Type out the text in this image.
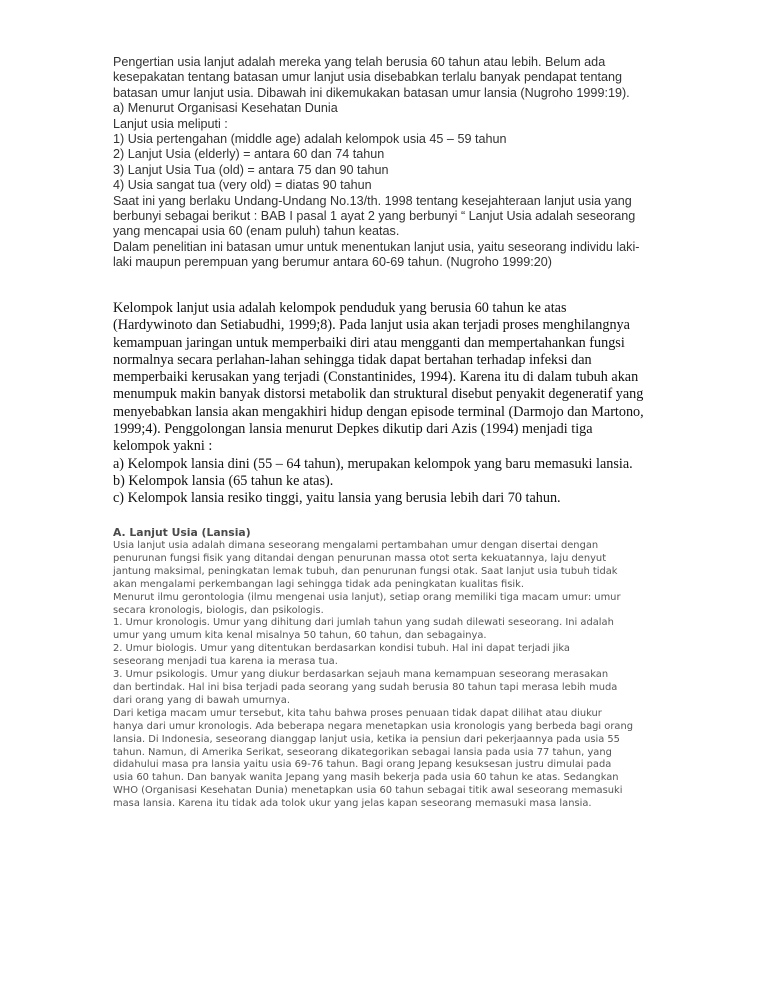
Pengertian usia lanjut adalah mereka yang telah berusia 60 tahun atau lebih. Belum ada
kesepakatan tentang batasan umur lanjut usia disebabkan terlalu banyak pendapat tentang
batasan umur lanjut usia. Dibawah ini dikemukakan batasan umur lansia (Nugroho 1999:19).
a) Menurut Organisasi Kesehatan Dunia
Lanjut usia meliputi :
1) Usia pertengahan (middle age) adalah kelompok usia 45 – 59 tahun
2) Lanjut Usia (elderly) = antara 60 dan 74 tahun
3) Lanjut Usia Tua (old) = antara 75 dan 90 tahun
4) Usia sangat tua (very old) = diatas 90 tahun
Saat ini yang berlaku Undang-Undang No.13/th. 1998 tentang kesejahteraan lanjut usia yang
berbunyi sebagai berikut : BAB I pasal 1 ayat 2 yang berbunyi “ Lanjut Usia adalah seseorang
yang mencapai usia 60 (enam puluh) tahun keatas.
Dalam penelitian ini batasan umur untuk menentukan lanjut usia, yaitu seseorang individu laki-
laki maupun perempuan yang berumur antara 60-69 tahun. (Nugroho 1999:20)
Kelompok lanjut usia adalah kelompok penduduk yang berusia 60 tahun ke atas
(Hardywinoto dan Setiabudhi, 1999;8). Pada lanjut usia akan terjadi proses menghilangnya
kemampuan jaringan untuk memperbaiki diri atau mengganti dan mempertahankan fungsi
normalnya secara perlahan-lahan sehingga tidak dapat bertahan terhadap infeksi dan
memperbaiki kerusakan yang terjadi (Constantinides, 1994). Karena itu di dalam tubuh akan
menumpuk makin banyak distorsi metabolik dan struktural disebut penyakit degeneratif yang
menyebabkan lansia akan mengakhiri hidup dengan episode terminal (Darmojo dan Martono,
1999;4). Penggolongan lansia menurut Depkes dikutip dari Azis (1994) menjadi tiga
kelompok yakni :
a) Kelompok lansia dini (55 – 64 tahun), merupakan kelompok yang baru memasuki lansia.
b) Kelompok lansia (65 tahun ke atas).
c) Kelompok lansia resiko tinggi, yaitu lansia yang berusia lebih dari 70 tahun.
A. Lanjut Usia (Lansia)
Usia lanjut usia adalah dimana seseorang mengalami pertambahan umur dengan disertai dengan
penurunan fungsi fisik yang ditandai dengan penurunan massa otot serta kekuatannya, laju denyut
jantung maksimal, peningkatan lemak tubuh, dan penurunan fungsi otak. Saat lanjut usia tubuh tidak
akan mengalami perkembangan lagi sehingga tidak ada peningkatan kualitas fisik.
Menurut ilmu gerontologia (ilmu mengenai usia lanjut), setiap orang memiliki tiga macam umur: umur
secara kronologis, biologis, dan psikologis.
1. Umur kronologis. Umur yang dihitung dari jumlah tahun yang sudah dilewati seseorang. Ini adalah
umur yang umum kita kenal misalnya 50 tahun, 60 tahun, dan sebagainya.
2. Umur biologis. Umur yang ditentukan berdasarkan kondisi tubuh. Hal ini dapat terjadi jika
seseorang menjadi tua karena ia merasa tua.
3. Umur psikologis. Umur yang diukur berdasarkan sejauh mana kemampuan seseorang merasakan
dan bertindak. Hal ini bisa terjadi pada seorang yang sudah berusia 80 tahun tapi merasa lebih muda
dari orang yang di bawah umurnya.
Dari ketiga macam umur tersebut, kita tahu bahwa proses penuaan tidak dapat dilihat atau diukur
hanya dari umur kronologis. Ada beberapa negara menetapkan usia kronologis yang berbeda bagi orang
lansia. Di Indonesia, seseorang dianggap lanjut usia, ketika ia pensiun dari pekerjaannya pada usia 55
tahun. Namun, di Amerika Serikat, seseorang dikategorikan sebagai lansia pada usia 77 tahun, yang
didahului masa pra lansia yaitu usia 69-76 tahun. Bagi orang Jepang kesuksesan justru dimulai pada
usia 60 tahun. Dan banyak wanita Jepang yang masih bekerja pada usia 60 tahun ke atas. Sedangkan
WHO (Organisasi Kesehatan Dunia) menetapkan usia 60 tahun sebagai titik awal seseorang memasuki
masa lansia. Karena itu tidak ada tolok ukur yang jelas kapan seseorang memasuki masa lansia.
